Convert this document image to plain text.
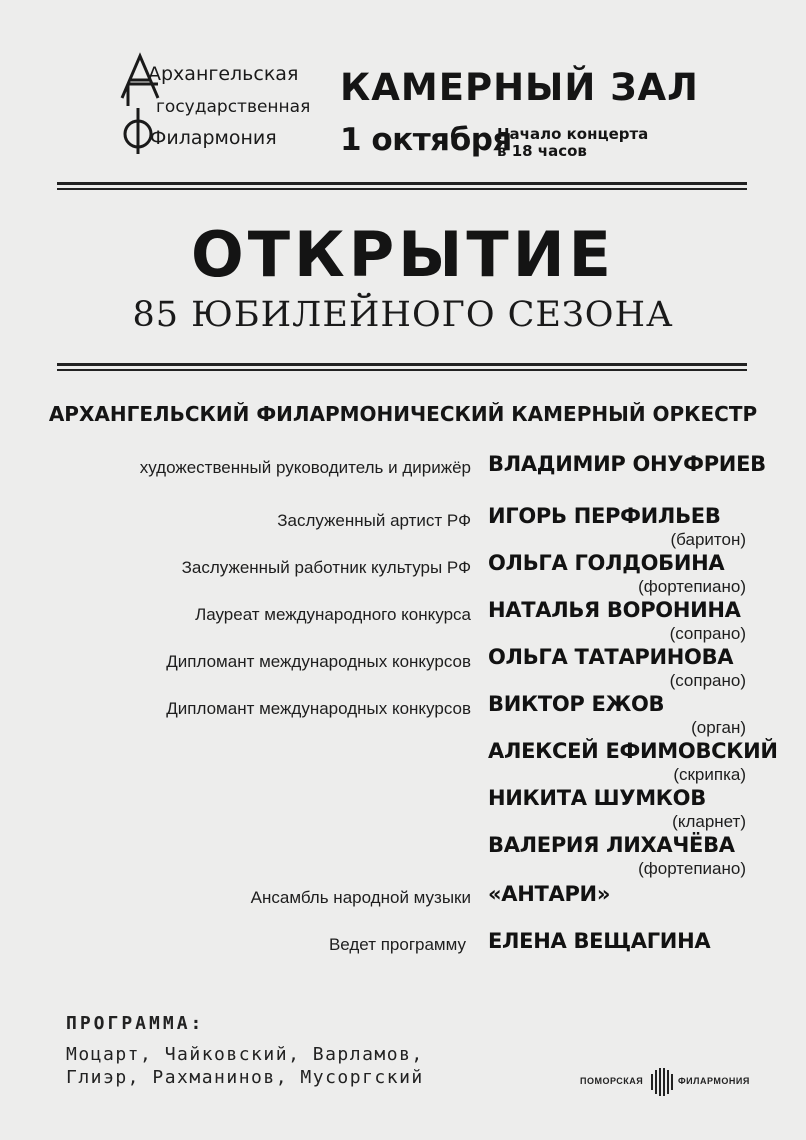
Архангельская
государственная
Филармония
КАМЕРНЫЙ ЗАЛ
1 октября
Начало концерта
в 18 часов
ОТКРЫТИЕ
85 ЮБИЛЕЙНОГО СЕЗОНА
АРХАНГЕЛЬСКИЙ ФИЛАРМОНИЧЕСКИЙ КАМЕРНЫЙ ОРКЕСТР
художественный руководитель и дирижёр ВЛАДИМИР ОНУФРИЕВ
Заслуженный артист РФ ИГОРЬ ПЕРФИЛЬЕВ
(баритон)
Заслуженный работник культуры РФ ОЛЬГА ГОЛДОБИНА
(фортепиано)
Лауреат международного конкурса НАТАЛЬЯ ВОРОНИНА
(сопрано)
Дипломант международных конкурсов ОЛЬГА ТАТАРИНОВА
(сопрано)
Дипломант международных конкурсов ВИКТОР ЕЖОВ
(орган)
АЛЕКСЕЙ ЕФИМОВСКИЙ
(скрипка)
НИКИТА ШУМКОВ
(кларнет)
ВАЛЕРИЯ ЛИХАЧЁВА
(фортепиано)
Ансамбль народной музыки «АНТАРИ»
Ведет программу ЕЛЕНА ВЕЩАГИНА
ПРОГРАММА:
Моцарт, Чайковский, Варламов,
Глиэр, Рахманинов, Мусоргский	ПОМОРСКАЯ	ФИЛАРМОНИЯ
